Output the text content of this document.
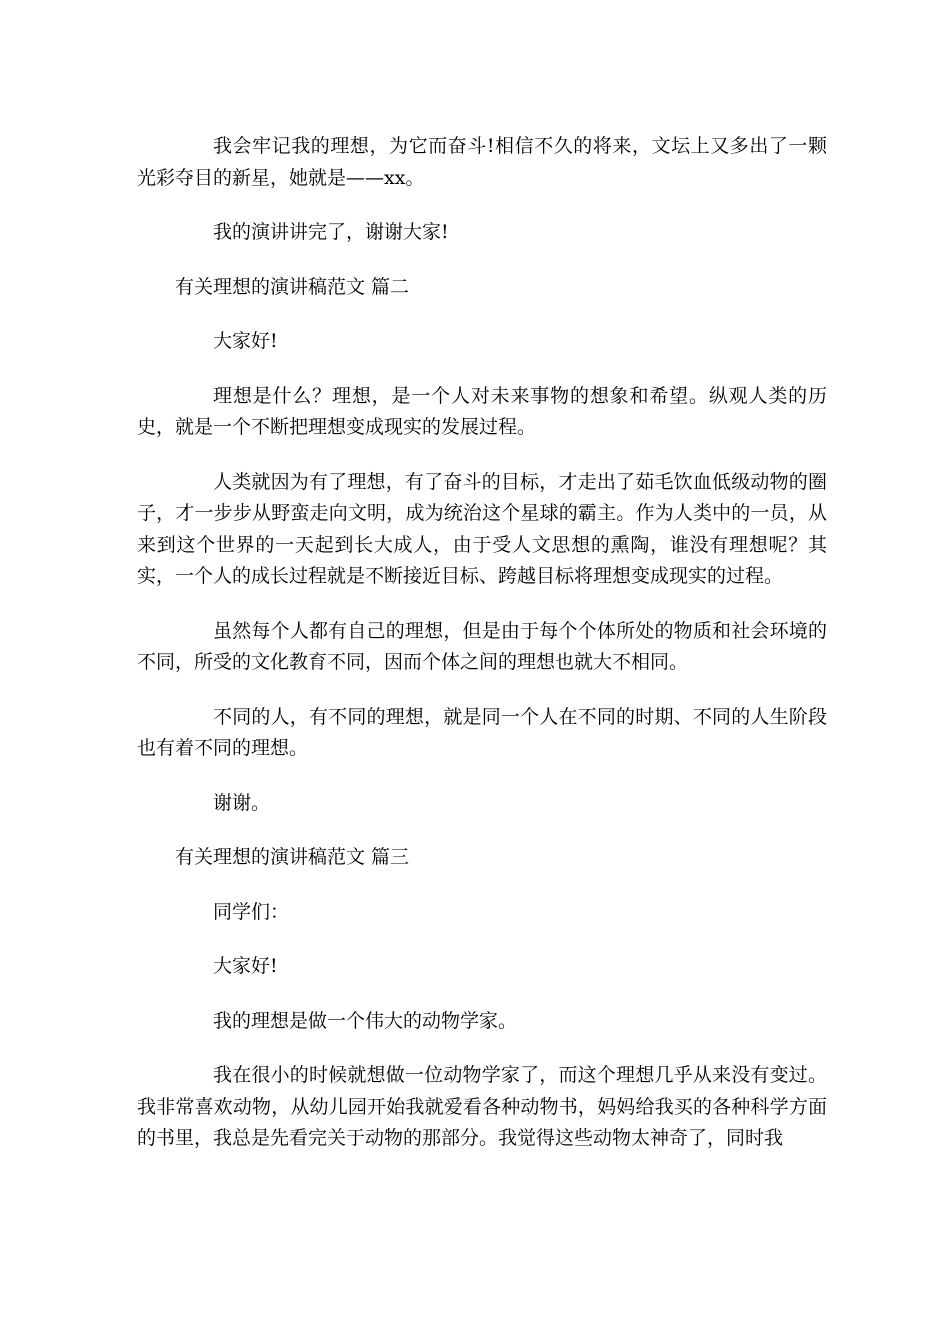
我会牢记我的理想，为它而奋斗!相信不久的将来，文坛上又多出了一颗光彩夺目的新星，她就是——xx。

我的演讲讲完了，谢谢大家!

有关理想的演讲稿范文 篇二

大家好!

理想是什么？理想，是一个人对未来事物的想象和希望。纵观人类的历史，就是一个不断把理想变成现实的发展过程。

人类就因为有了理想，有了奋斗的目标，才走出了茹毛饮血低级动物的圈子，才一步步从野蛮走向文明，成为统治这个星球的霸主。作为人类中的一员，从来到这个世界的一天起到长大成人，由于受人文思想的熏陶，谁没有理想呢？其实，一个人的成长过程就是不断接近目标、跨越目标将理想变成现实的过程。

虽然每个人都有自己的理想，但是由于每个个体所处的物质和社会环境的不同，所受的文化教育不同，因而个体之间的理想也就大不相同。

不同的人，有不同的理想，就是同一个人在不同的时期、不同的人生阶段也有着不同的理想。

谢谢。

有关理想的演讲稿范文 篇三

同学们：

大家好!

我的理想是做一个伟大的动物学家。

我在很小的时候就想做一位动物学家了，而这个理想几乎从来没有变过。我非常喜欢动物，从幼儿园开始我就爱看各种动物书，妈妈给我买的各种科学方面的书里，我总是先看完关于动物的那部分。我觉得这些动物太神奇了，同时我
